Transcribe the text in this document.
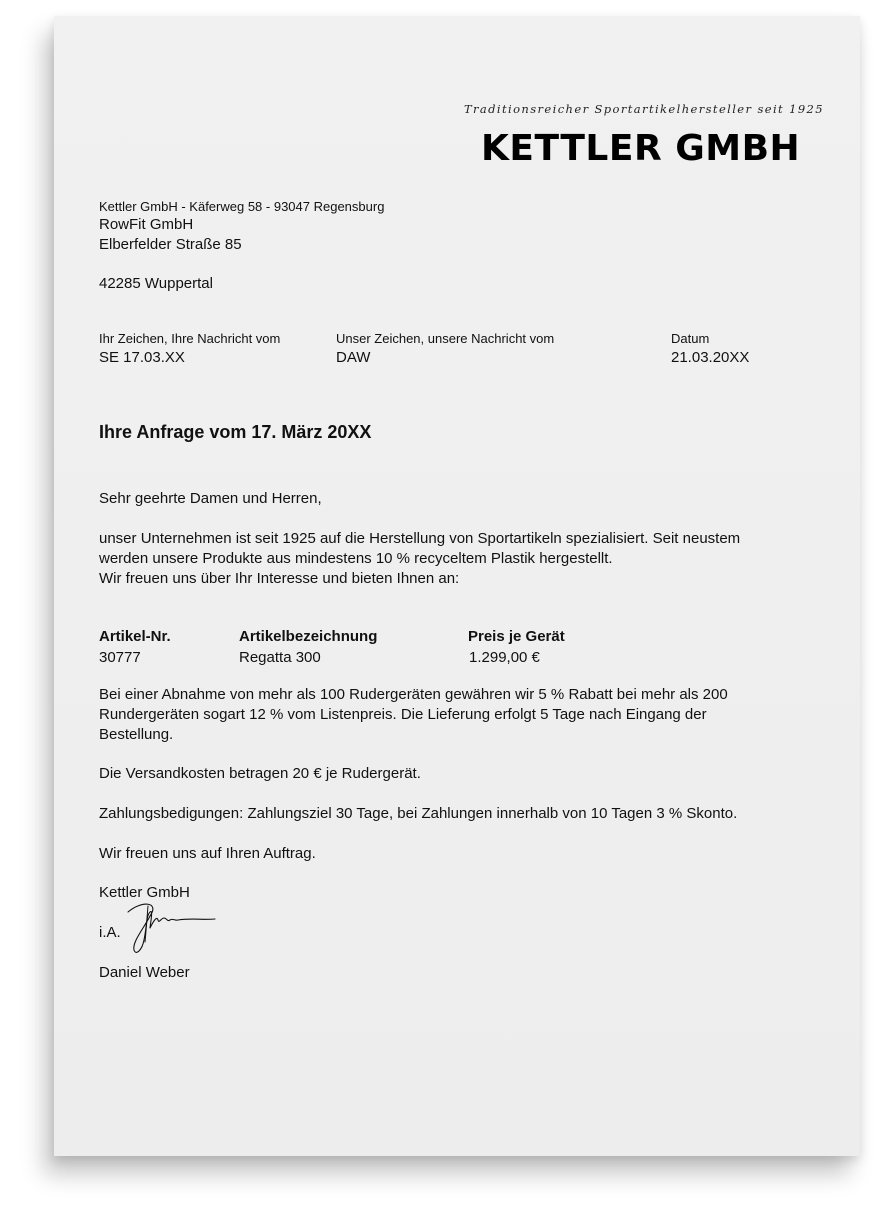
Traditionsreicher Sportartikelhersteller seit 1925
KETTLER GMBH
Kettler GmbH - Käferweg 58 - 93047 Regensburg
RowFit GmbH
Elberfelder Straße 85
42285 Wuppertal
Ihr Zeichen, Ihre Nachricht vom
SE 17.03.XX
Unser Zeichen, unsere Nachricht vom
DAW
Datum
21.03.20XX
Ihre Anfrage vom 17. März 20XX
Sehr geehrte Damen und Herren,
unser Unternehmen ist seit 1925 auf die Herstellung von Sportartikeln spezialisiert. Seit neustem
werden unsere Produkte aus mindestens 10 % recyceltem Plastik hergestellt.
Wir freuen uns über Ihr Interesse und bieten Ihnen an:
Artikel-Nr.	Artikelbezeichnung	Preis je Gerät
30777	Regatta 300	1.299,00 €
Bei einer Abnahme von mehr als 100 Rudergeräten gewähren wir 5 % Rabatt bei mehr als 200
Rundergeräten sogart 12 % vom Listenpreis. Die Lieferung erfolgt 5 Tage nach Eingang der
Bestellung.
Die Versandkosten betragen 20 € je Rudergerät.
Zahlungsbedigungen: Zahlungsziel 30 Tage, bei Zahlungen innerhalb von 10 Tagen 3 % Skonto.
Wir freuen uns auf Ihren Auftrag.
Kettler GmbH
i.A.
Daniel Weber
